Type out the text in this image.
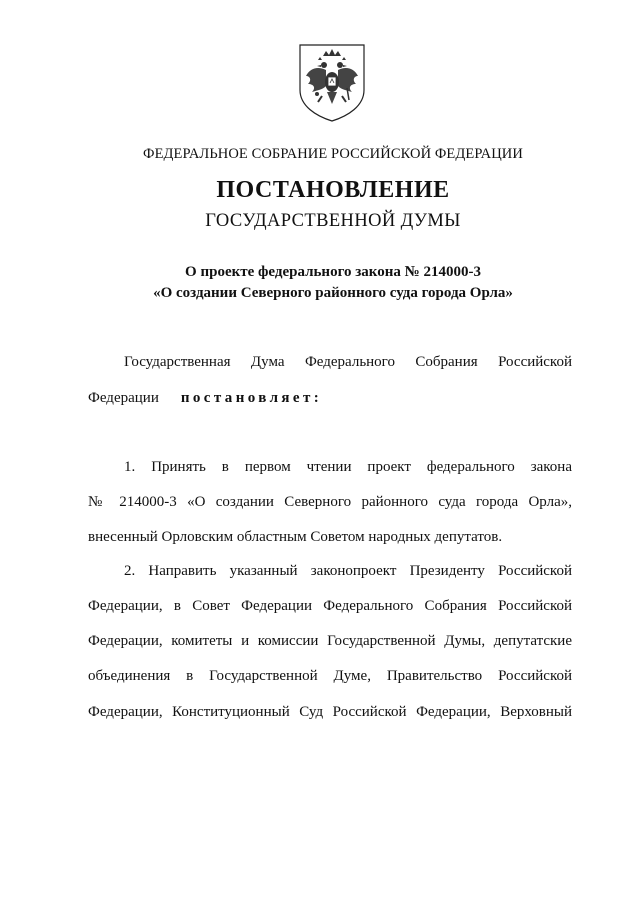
ФЕДЕРАЛЬНОЕ СОБРАНИЕ РОССИЙСКОЙ ФЕДЕРАЦИИ
ПОСТАНОВЛЕНИЕ
ГОСУДАРСТВЕННОЙ ДУМЫ
О проекте федерального закона № 214000-3
«О создании Северного районного суда города Орла»
Государственная Дума Федерального Собрания Российской
Федерации постановляет:
1. Принять в первом чтении проект федерального закона
№ 214000-3 «О создании Северного районного суда города Орла»,
внесенный Орловским областным Советом народных депутатов.
2. Направить указанный законопроект Президенту Российской
Федерации, в Совет Федерации Федерального Собрания Российской
Федерации, комитеты и комиссии Государственной Думы, депутатские
объединения в Государственной Думе, Правительство Российской
Федерации, Конституционный Суд Российской Федерации, Верховный
